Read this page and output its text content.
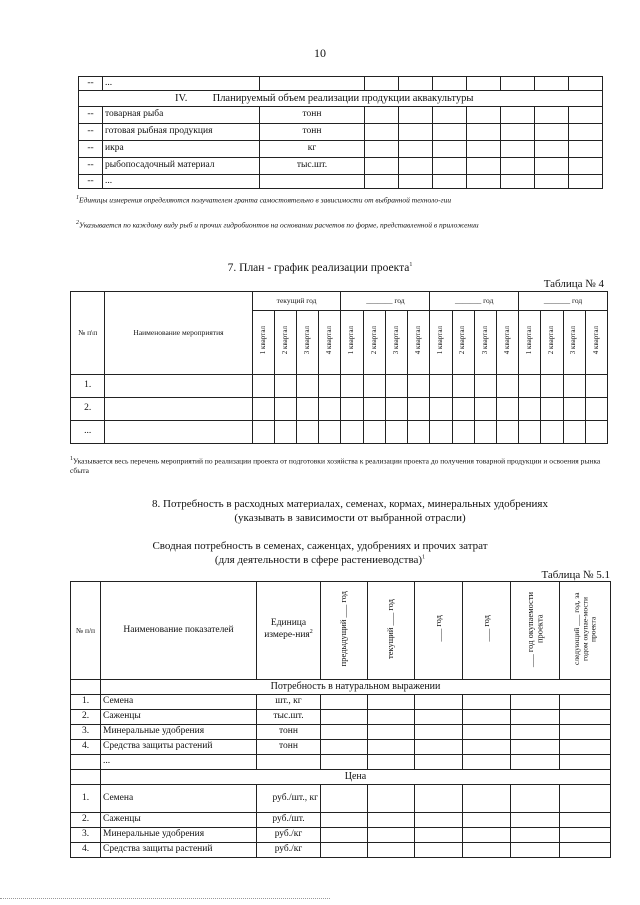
10
--	...								
IV. Планируемый объем реализации продукции аквакультуры									
--	товарная рыба	тонн							
--	готовая рыбная продукция	тонн							
--	икра	кг							
--	рыбопосадочный материал	тыс.шт.							
--	...								
$^1$Единицы измерения определяются получателем гранта самостоятельно в зависимости от выбранной техноло-гии
$^2$Указывается по каждому виду рыб и прочих гидробионтов на основании расчетов по форме, представленной в приложении
7. План - график реализации проекта$^1$
Таблица № 4
№ п\п	Наименование мероприятия	текущий год				_______ год				_______ год				_______ год			
		1 квартал	2 квартал	3 квартал	4 квартал	1 квартал	2 квартал	3 квартал	4 квартал	1 квартал	2 квартал	3 квартал	4 квартал	1 квартал	2 квартал	3 квартал	4 квартал
1.																	
2.																	
...																	
$^1$Указывается весь перечень мероприятий по реализации проекта от подготовки хозяйства к реализации проекта до получения товарной продукции и освоения рынка сбыта
8. Потребность в расходных материалах, семенах, кормах, минеральных удобрениях
(указывать в зависимости от выбранной отрасли)
Сводная потребность в семенах, саженцах, удобрениях и прочих затрат
(для деятельности в сфере растениеводства)$^1$
Таблица № 5.1
№ п/п	Наименование показателей	Единица измере-ния$^2$	предыдущий ___ год	текущий ___ год	___ год	___ год	___ год окупаемости проекта	следующий ___ год, за годом окупае-мости проекта
	Потребность в натуральном выражении							
1.	Семена	шт., кг						
2.	Саженцы	тыс.шт.						
3.	Минеральные удобрения	тонн						
4.	Средства защиты растений	тонн						
	...							
	Цена							
1.	Семена	руб./шт., кг						
2.	Саженцы	руб./шт.						
3.	Минеральные удобрения	руб./кг						
4.	Средства защиты растений	руб./кг						
